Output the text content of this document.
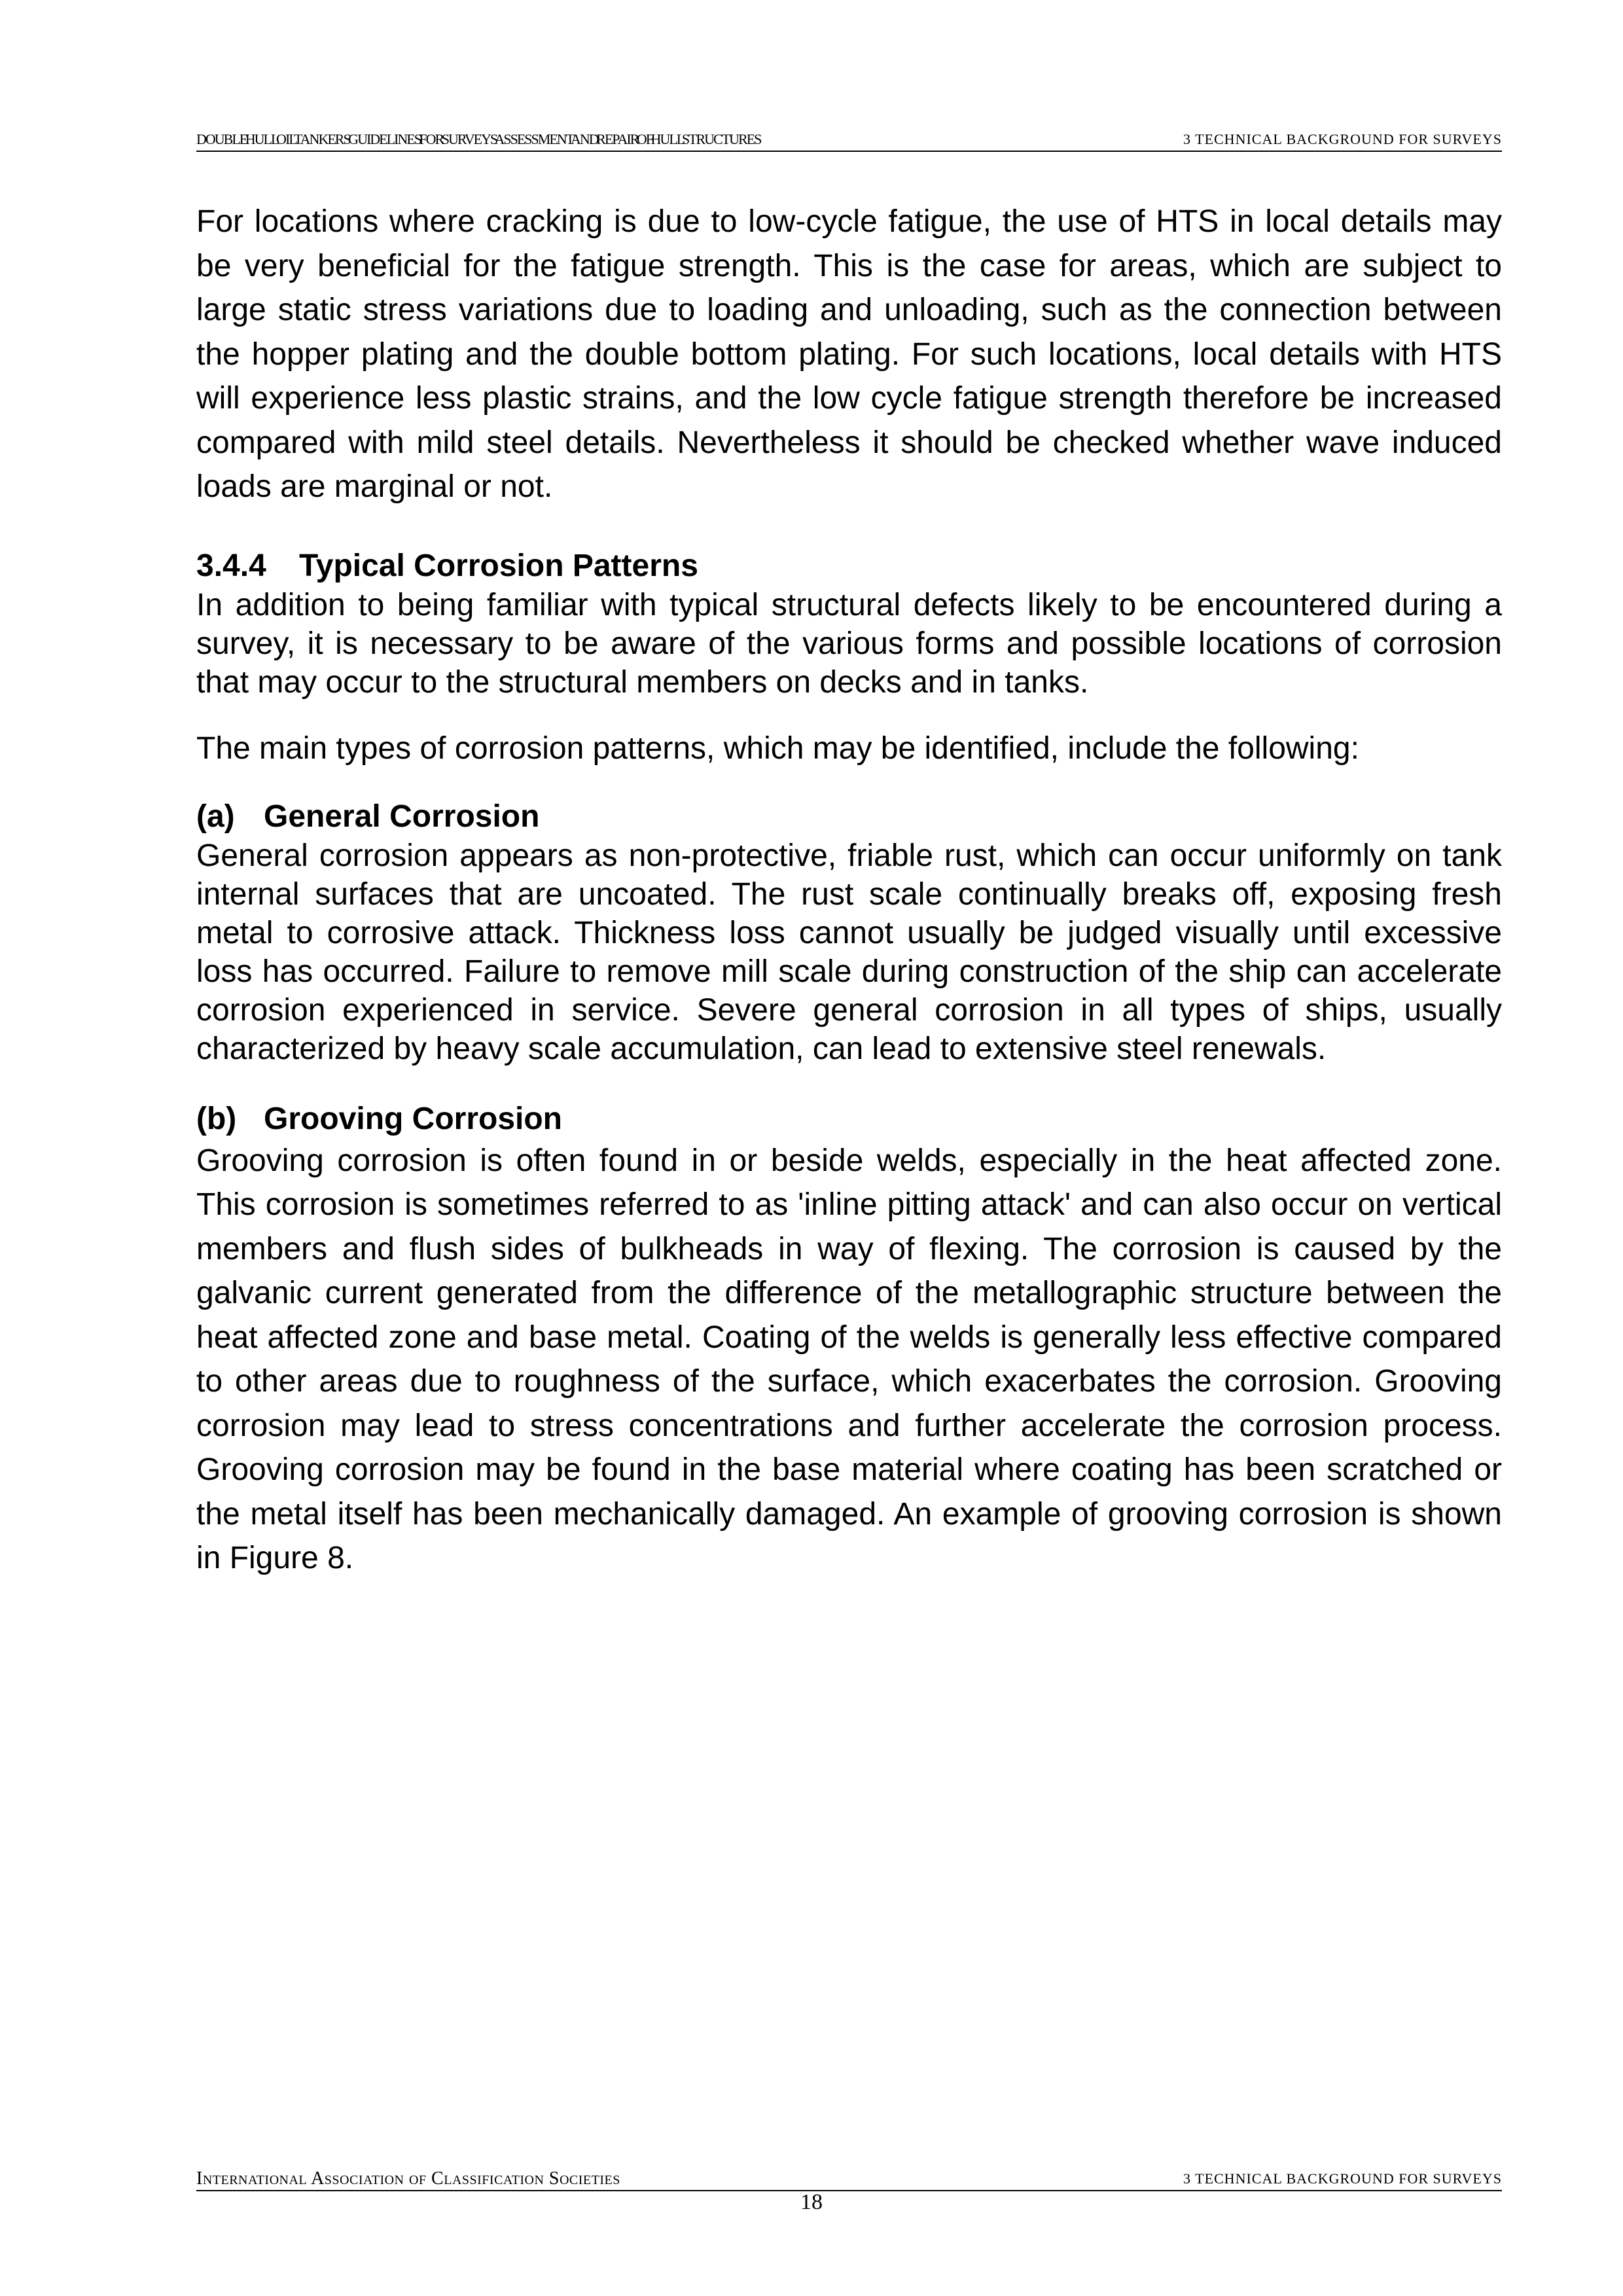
DOUBLE HULL OIL TANKERS GUIDELINES FOR SURVEYS ASSESSMENT AND REPAIR OF HULL STRUCTURES	3 TECHNICAL BACKGROUND FOR SURVEYS

For locations where cracking is due to low-cycle fatigue, the use of HTS in local details may be very beneficial for the fatigue strength. This is the case for areas, which are subject to large static stress variations due to loading and unloading, such as the connection between the hopper plating and the double bottom plating. For such locations, local details with HTS will experience less plastic strains, and the low cycle fatigue strength therefore be increased compared with mild steel details. Nevertheless it should be checked whether wave induced loads are marginal or not.

3.4.4 Typical Corrosion Patterns

In addition to being familiar with typical structural defects likely to be encountered during a survey, it is necessary to be aware of the various forms and possible locations of corrosion that may occur to the structural members on decks and in tanks.

The main types of corrosion patterns, which may be identified, include the following:

(a) General Corrosion

General corrosion appears as non-protective, friable rust, which can occur uniformly on tank internal surfaces that are uncoated. The rust scale continually breaks off, exposing fresh metal to corrosive attack. Thickness loss cannot usually be judged visually until excessive loss has occurred. Failure to remove mill scale during construction of the ship can accelerate corrosion experienced in service. Severe general corrosion in all types of ships, usually characterized by heavy scale accumulation, can lead to extensive steel renewals.

(b) Grooving Corrosion

Grooving corrosion is often found in or beside welds, especially in the heat affected zone. This corrosion is sometimes referred to as 'inline pitting attack' and can also occur on vertical members and flush sides of bulkheads in way of flexing. The corrosion is caused by the galvanic current generated from the difference of the metallographic structure between the heat affected zone and base metal. Coating of the welds is generally less effective compared to other areas due to roughness of the surface, which exacerbates the corrosion. Grooving corrosion may lead to stress concentrations and further accelerate the corrosion process. Grooving corrosion may be found in the base material where coating has been scratched or the metal itself has been mechanically damaged. An example of grooving corrosion is shown in Figure 8.

International Association of Classification Societies	3 TECHNICAL BACKGROUND FOR SURVEYS
18
